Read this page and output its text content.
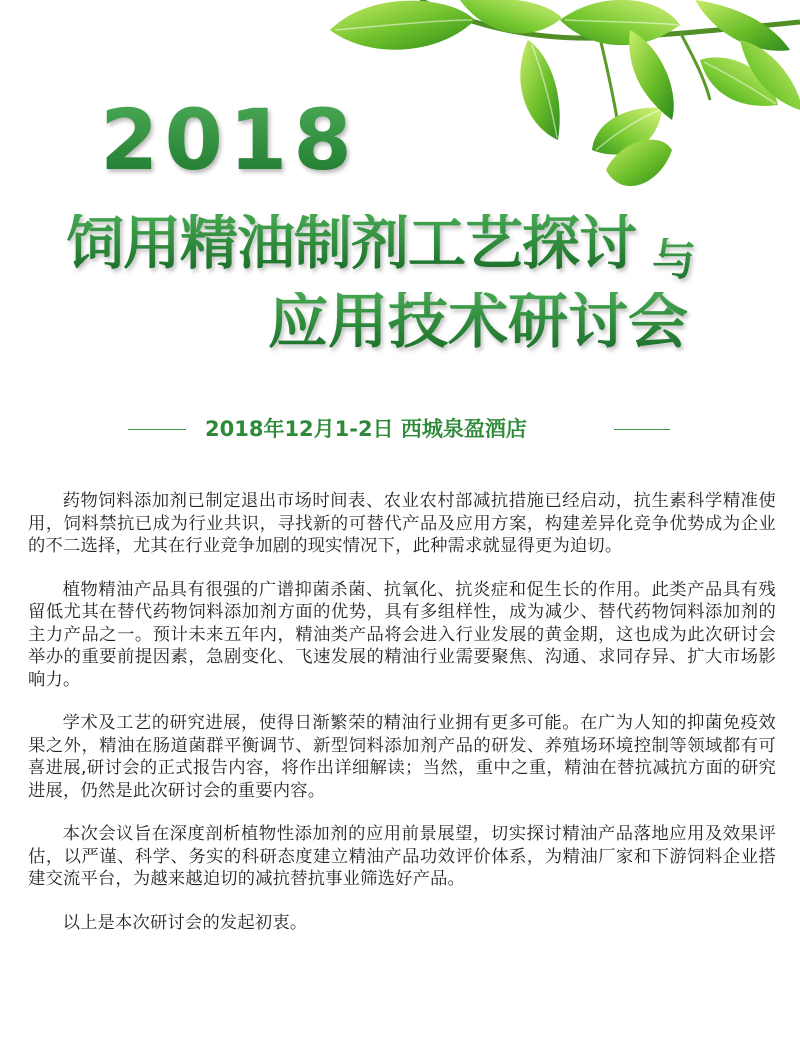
2018
饲用精油制剂工艺探讨 与
应用技术研讨会
2018年12月1-2日 西城泉盈酒店

药物饲料添加剂已制定退出市场时间表、农业农村部减抗措施已经启动，抗生素科学精准使用，饲料禁抗已成为行业共识，寻找新的可替代产品及应用方案，构建差异化竞争优势成为企业的不二选择，尤其在行业竞争加剧的现实情况下，此种需求就显得更为迫切。

植物精油产品具有很强的广谱抑菌杀菌、抗氧化、抗炎症和促生长的作用。此类产品具有残留低尤其在替代药物饲料添加剂方面的优势，具有多组样性，成为减少、替代药物饲料添加剂的主力产品之一。预计未来五年内，精油类产品将会进入行业发展的黄金期，这也成为此次研讨会举办的重要前提因素，急剧变化、飞速发展的精油行业需要聚焦、沟通、求同存异、扩大市场影响力。

学术及工艺的研究进展，使得日渐繁荣的精油行业拥有更多可能。在广为人知的抑菌免疫效果之外，精油在肠道菌群平衡调节、新型饲料添加剂产品的研发、养殖场环境控制等领域都有可喜进展,研讨会的正式报告内容，将作出详细解读；当然，重中之重，精油在替抗减抗方面的研究进展，仍然是此次研讨会的重要内容。

本次会议旨在深度剖析植物性添加剂的应用前景展望，切实探讨精油产品落地应用及效果评估，以严谨、科学、务实的科研态度建立精油产品功效评价体系，为精油厂家和下游饲料企业搭建交流平台，为越来越迫切的减抗替抗事业筛选好产品。

以上是本次研讨会的发起初衷。
